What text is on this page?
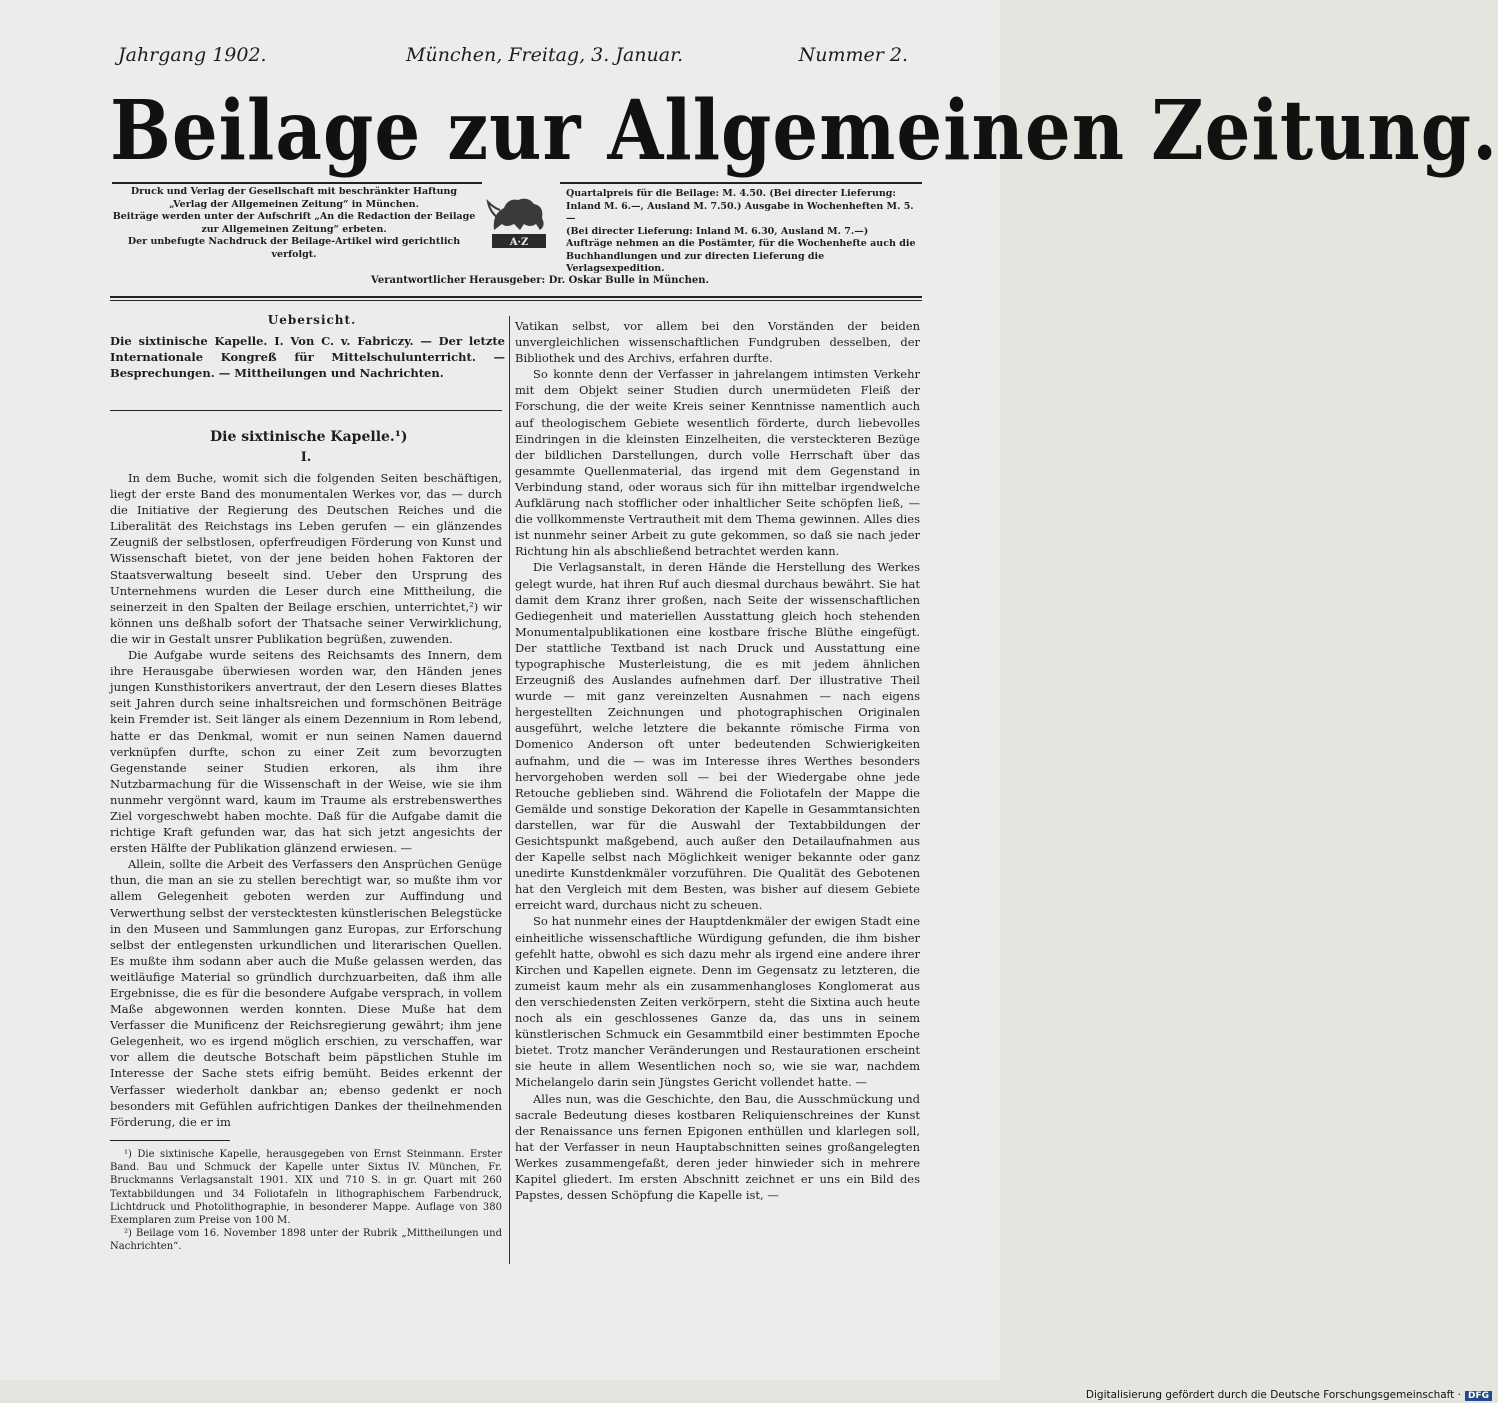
Jahrgang 1902.	München, Freitag, 3. Januar.	Nummer 2.
Beilage zur Allgemeinen Zeitung.
Druck und Verlag der Gesellschaft mit beschränkter Haftung
„Verlag der Allgemeinen Zeitung“ in München.
Beiträge werden unter der Aufschrift „An die Redaction der Beilage
zur Allgemeinen Zeitung“ erbeten.
Der unbefugte Nachdruck der Beilage-Artikel wird gerichtlich verfolgt.
A·Z
Quartalpreis für die Beilage: M. 4.50. (Bei directer Lieferung:
Inland M. 6.—, Ausland M. 7.50.) Ausgabe in Wochenheften M. 5.—
(Bei directer Lieferung: Inland M. 6.30, Ausland M. 7.—)
Aufträge nehmen an die Postämter, für die Wochenhefte auch die
Buchhandlungen und zur directen Lieferung die Verlagsexpedition.
Verantwortlicher Herausgeber: Dr. Oskar Bulle in München.
Uebersicht.
Die sixtinische Kapelle. I. Von C. v. Fabriczy. — Der letzte Internationale Kongreß für Mittelschulunterricht. — Besprechungen. — Mittheilungen und Nachrichten.
Die sixtinische Kapelle.¹)
I.

In dem Buche, womit sich die folgenden Seiten beschäftigen, liegt der erste Band des monumentalen Werkes vor, das — durch die Initiative der Regierung des Deutschen Reiches und die Liberalität des Reichstags ins Leben gerufen — ein glänzendes Zeugniß der selbstlosen, opferfreudigen Förderung von Kunst und Wissenschaft bietet, von der jene beiden hohen Faktoren der Staatsverwaltung beseelt sind. Ueber den Ursprung des Unternehmens wurden die Leser durch eine Mittheilung, die seinerzeit in den Spalten der Beilage erschien, unterrichtet,²) wir können uns deßhalb sofort der Thatsache seiner Verwirklichung, die wir in Gestalt unsrer Publikation begrüßen, zuwenden.

Die Aufgabe wurde seitens des Reichsamts des Innern, dem ihre Herausgabe überwiesen worden war, den Händen jenes jungen Kunsthistorikers anvertraut, der den Lesern dieses Blattes seit Jahren durch seine inhaltsreichen und formschönen Beiträge kein Fremder ist. Seit länger als einem Dezennium in Rom lebend, hatte er das Denkmal, womit er nun seinen Namen dauernd verknüpfen durfte, schon zu einer Zeit zum bevorzugten Gegenstande seiner Studien erkoren, als ihm ihre Nutzbarmachung für die Wissenschaft in der Weise, wie sie ihm nunmehr vergönnt ward, kaum im Traume als erstrebenswerthes Ziel vorgeschwebt haben mochte. Daß für die Aufgabe damit die richtige Kraft gefunden war, das hat sich jetzt angesichts der ersten Hälfte der Publikation glänzend erwiesen. —

Allein, sollte die Arbeit des Verfassers den Ansprüchen Genüge thun, die man an sie zu stellen berechtigt war, so mußte ihm vor allem Gelegenheit geboten werden zur Auffindung und Verwerthung selbst der verstecktesten künstlerischen Belegstücke in den Museen und Sammlungen ganz Europas, zur Erforschung selbst der entlegensten urkundlichen und literarischen Quellen. Es mußte ihm sodann aber auch die Muße gelassen werden, das weitläufige Material so gründlich durchzuarbeiten, daß ihm alle Ergebnisse, die es für die besondere Aufgabe versprach, in vollem Maße abgewonnen werden konnten. Diese Muße hat dem Verfasser die Munificenz der Reichsregierung gewährt; ihm jene Gelegenheit, wo es irgend möglich erschien, zu verschaffen, war vor allem die deutsche Botschaft beim päpstlichen Stuhle im Interesse der Sache stets eifrig bemüht. Beides erkennt der Verfasser wiederholt dankbar an; ebenso gedenkt er noch besonders mit Gefühlen aufrichtigen Dankes der theilnehmenden Förderung, die er im

¹) Die sixtinische Kapelle, herausgegeben von Ernst Steinmann. Erster Band. Bau und Schmuck der Kapelle unter Sixtus IV. München, Fr. Bruckmanns Verlagsanstalt 1901. XIX und 710 S. in gr. Quart mit 260 Textabbildungen und 34 Foliotafeln in lithographischem Farbendruck, Lichtdruck und Photolithographie, in besonderer Mappe. Auflage von 380 Exemplaren zum Preise von 100 M.

²) Beilage vom 16. November 1898 unter der Rubrik „Mittheilungen und Nachrichten“.

Vatikan selbst, vor allem bei den Vorständen der beiden unvergleichlichen wissenschaftlichen Fundgruben desselben, der Bibliothek und des Archivs, erfahren durfte.

So konnte denn der Verfasser in jahrelangem intimsten Verkehr mit dem Objekt seiner Studien durch unermüdeten Fleiß der Forschung, die der weite Kreis seiner Kenntnisse namentlich auch auf theologischem Gebiete wesentlich förderte, durch liebevolles Eindringen in die kleinsten Einzelheiten, die versteckteren Bezüge der bildlichen Darstellungen, durch volle Herrschaft über das gesammte Quellenmaterial, das irgend mit dem Gegenstand in Verbindung stand, oder woraus sich für ihn mittelbar irgendwelche Aufklärung nach stofflicher oder inhaltlicher Seite schöpfen ließ, — die vollkommenste Vertrautheit mit dem Thema gewinnen. Alles dies ist nunmehr seiner Arbeit zu gute gekommen, so daß sie nach jeder Richtung hin als abschließend betrachtet werden kann.

Die Verlagsanstalt, in deren Hände die Herstellung des Werkes gelegt wurde, hat ihren Ruf auch diesmal durchaus bewährt. Sie hat damit dem Kranz ihrer großen, nach Seite der wissenschaftlichen Gediegenheit und materiellen Ausstattung gleich hoch stehenden Monumentalpublikationen eine kostbare frische Blüthe eingefügt. Der stattliche Textband ist nach Druck und Ausstattung eine typographische Musterleistung, die es mit jedem ähnlichen Erzeugniß des Auslandes aufnehmen darf. Der illustrative Theil wurde — mit ganz vereinzelten Ausnahmen — nach eigens hergestellten Zeichnungen und photographischen Originalen ausgeführt, welche letztere die bekannte römische Firma von Domenico Anderson oft unter bedeutenden Schwierigkeiten aufnahm, und die — was im Interesse ihres Werthes besonders hervorgehoben werden soll — bei der Wiedergabe ohne jede Retouche geblieben sind. Während die Foliotafeln der Mappe die Gemälde und sonstige Dekoration der Kapelle in Gesammtansichten darstellen, war für die Auswahl der Textabbildungen der Gesichtspunkt maßgebend, auch außer den Detailaufnahmen aus der Kapelle selbst nach Möglichkeit weniger bekannte oder ganz unedirte Kunstdenkmäler vorzuführen. Die Qualität des Gebotenen hat den Vergleich mit dem Besten, was bisher auf diesem Gebiete erreicht ward, durchaus nicht zu scheuen.

So hat nunmehr eines der Hauptdenkmäler der ewigen Stadt eine einheitliche wissenschaftliche Würdigung gefunden, die ihm bisher gefehlt hatte, obwohl es sich dazu mehr als irgend eine andere ihrer Kirchen und Kapellen eignete. Denn im Gegensatz zu letzteren, die zumeist kaum mehr als ein zusammenhangloses Konglomerat aus den verschiedensten Zeiten verkörpern, steht die Sixtina auch heute noch als ein geschlossenes Ganze da, das uns in seinem künstlerischen Schmuck ein Gesammtbild einer bestimmten Epoche bietet. Trotz mancher Veränderungen und Restaurationen erscheint sie heute in allem Wesentlichen noch so, wie sie war, nachdem Michelangelo darin sein Jüngstes Gericht vollendet hatte. —

Alles nun, was die Geschichte, den Bau, die Ausschmückung und sacrale Bedeutung dieses kostbaren Reliquienschreines der Kunst der Renaissance uns fernen Epigonen enthüllen und klarlegen soll, hat der Verfasser in neun Hauptabschnitten seines großangelegten Werkes zusammengefaßt, deren jeder hinwieder sich in mehrere Kapitel gliedert. Im ersten Abschnitt zeichnet er uns ein Bild des Papstes, dessen Schöpfung die Kapelle ist, —

Digitalisierung gefördert durch die Deutsche Forschungsgemeinschaft · DFG
